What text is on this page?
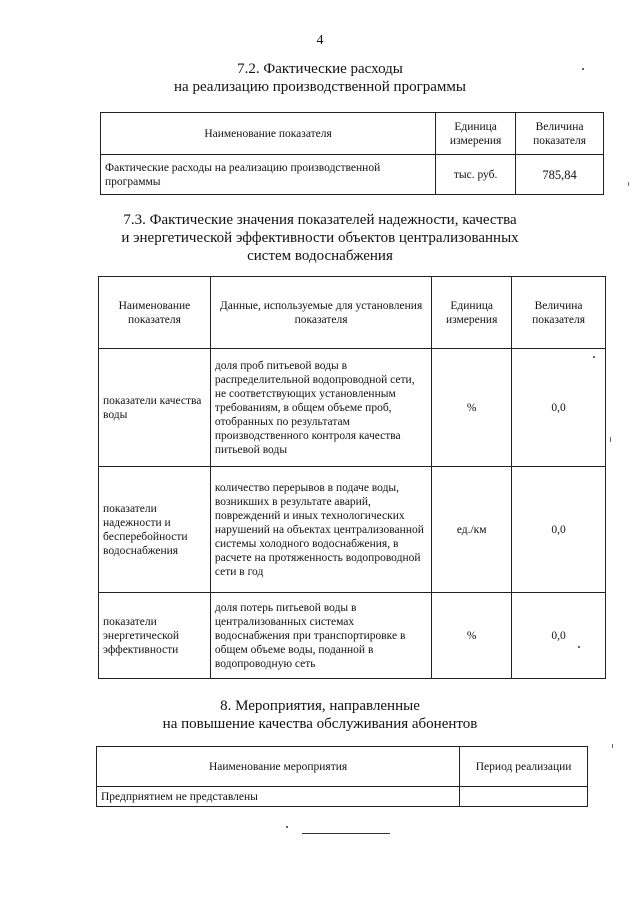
4
7.2. Фактические расходы
на реализацию производственной программы
Наименование показателя	Единица измерения	Величина показателя
Фактические расходы на реализацию производственной программы	тыс. руб.	785,84
7.3. Фактические значения показателей надежности, качества
и энергетической эффективности объектов централизованных
систем водоснабжения
Наименование показателя	Данные, используемые для установления показателя	Единица измерения	Величина показателя
показатели качества воды	доля проб питьевой воды в распределительной водопроводной сети, не соответствующих установленным требованиям, в общем объеме проб, отобранных по результатам производственного контроля качества питьевой воды	%	0,0
показатели надежности и бесперебойности водоснабжения	количество перерывов в подаче воды, возникших в результате аварий, повреждений и иных технологических нарушений на объектах централизованной системы холодного водоснабжения, в расчете на протяженность водопроводной сети в год	ед./км	0,0
показатели энергетической эффективности	доля потерь питьевой воды в централизованных системах водоснабжения при транспортировке в общем объеме воды, поданной в водопроводную сеть	%	0,0
8. Мероприятия, направленные
на повышение качества обслуживания абонентов
Наименование мероприятия	Период реализации
Предприятием не представлены	
